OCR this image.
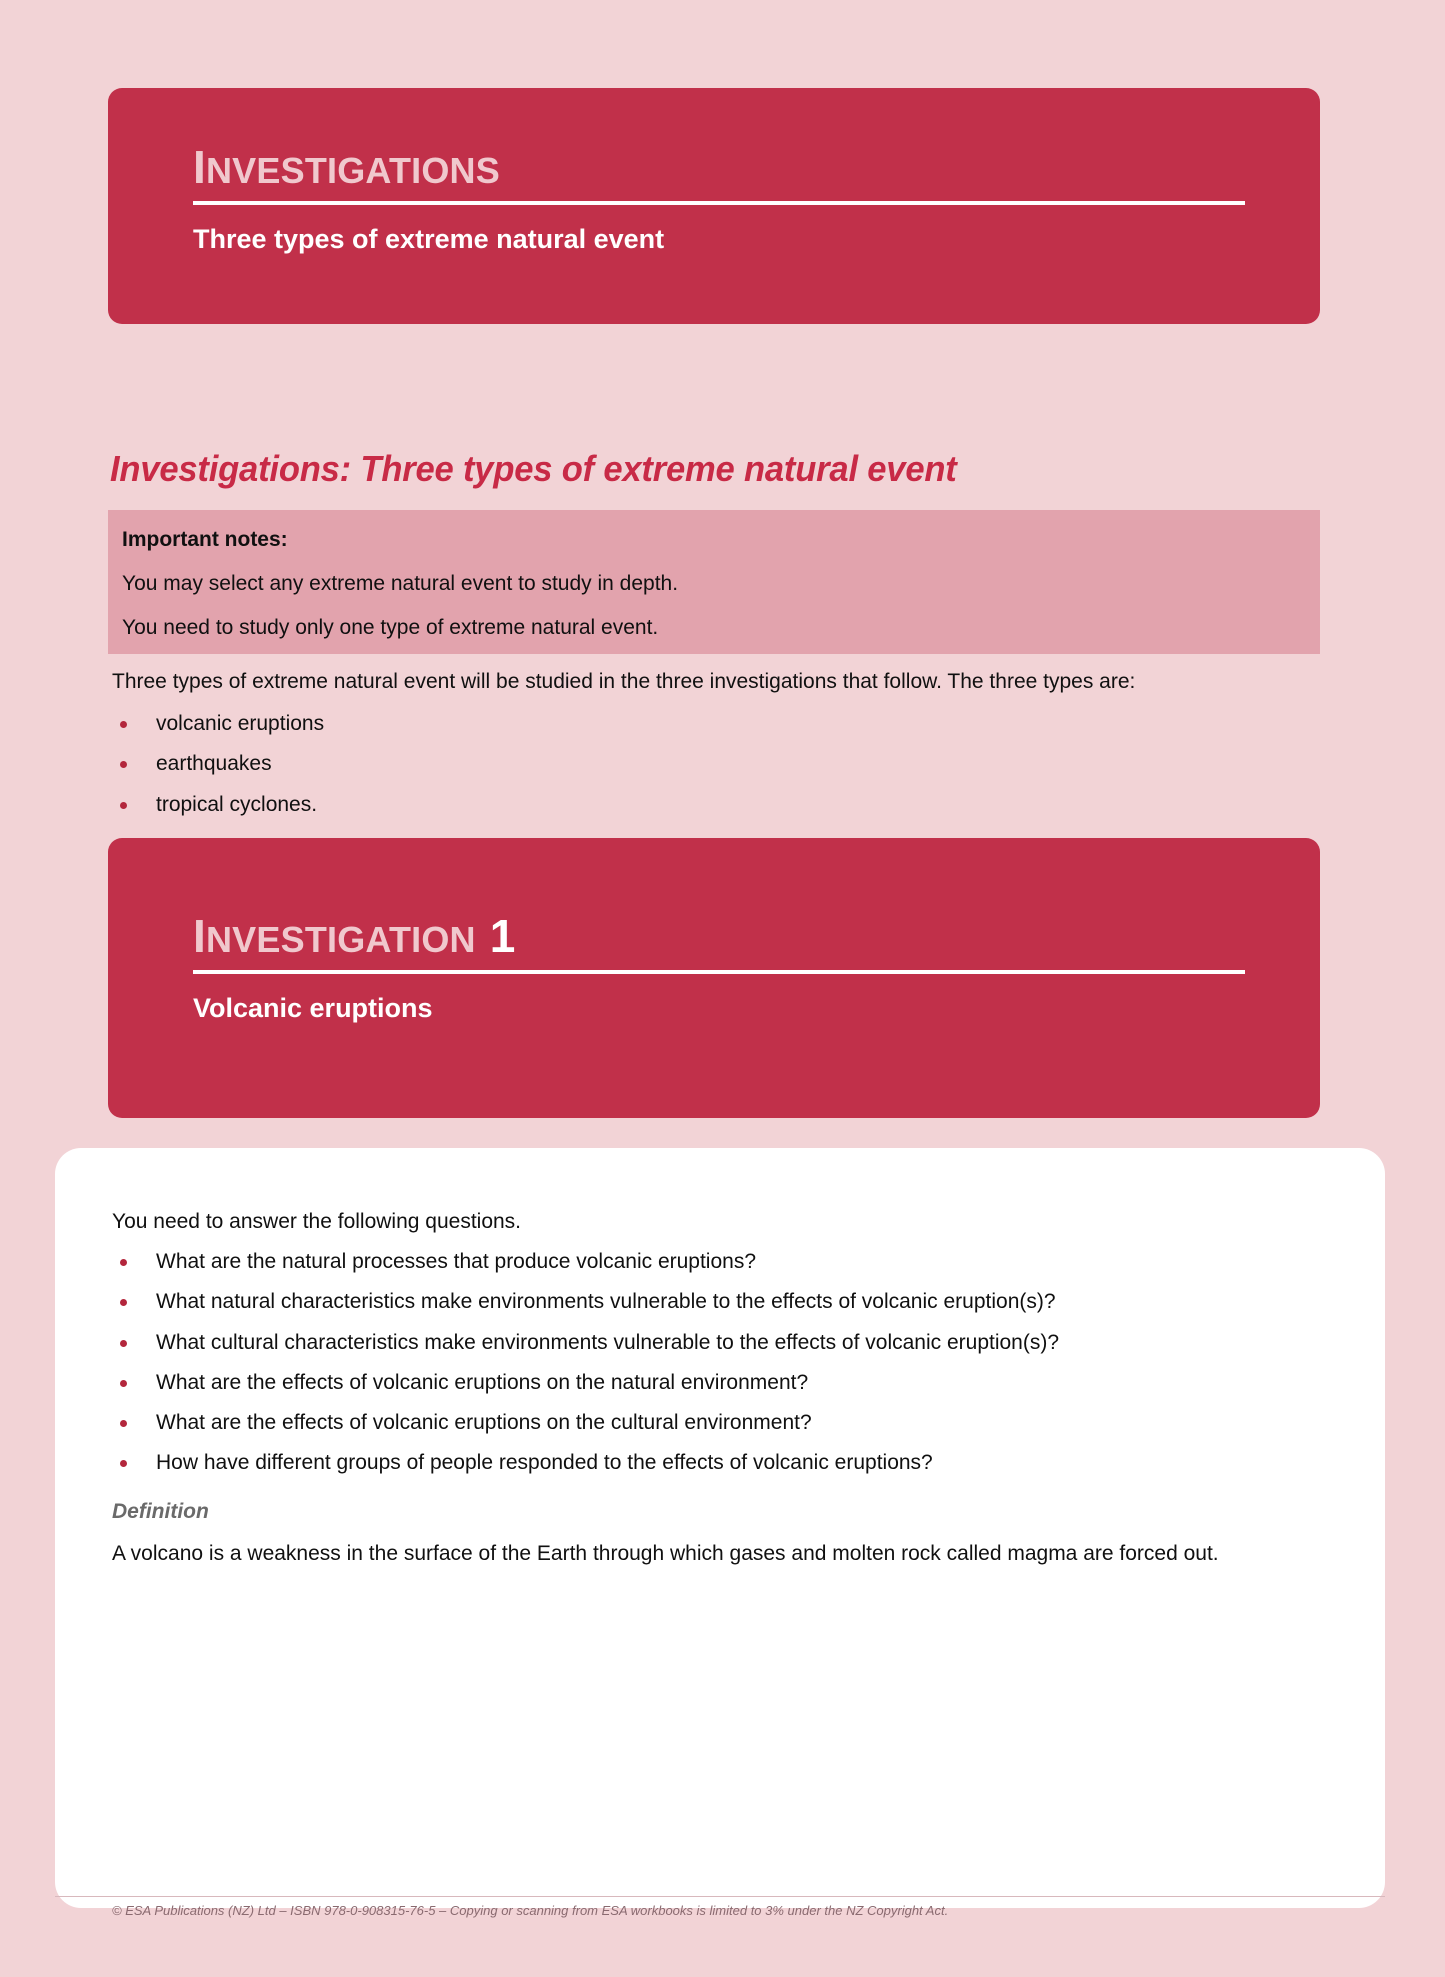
INVESTIGATIONS
Three types of extreme natural event
Investigations: Three types of extreme natural event
Important notes:
You may select any extreme natural event to study in depth.
You need to study only one type of extreme natural event.
Three types of extreme natural event will be studied in the three investigations that follow. The three types are:
volcanic eruptions
earthquakes
tropical cyclones.
INVESTIGATION 1
Volcanic eruptions
You need to answer the following questions.
What are the natural processes that produce volcanic eruptions?
What natural characteristics make environments vulnerable to the effects of volcanic eruption(s)?
What cultural characteristics make environments vulnerable to the effects of volcanic eruption(s)?
What are the effects of volcanic eruptions on the natural environment?
What are the effects of volcanic eruptions on the cultural environment?
How have different groups of people responded to the effects of volcanic eruptions?
Definition
A volcano is a weakness in the surface of the Earth through which gases and molten rock called magma are forced out.
© ESA Publications (NZ) Ltd – ISBN 978-0-908315-76-5 – Copying or scanning from ESA workbooks is limited to 3% under the NZ Copyright Act.
